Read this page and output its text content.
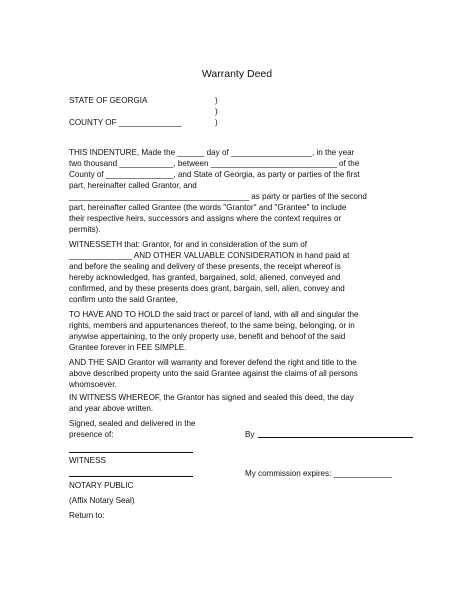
Warranty Deed
STATE OF GEORGIA	)
)
COUNTY OF ______________	)
THIS INDENTURE, Made the ______ day of __________________, in the year
two thousand ____________, between ____________________________ of the
County of _______________, and State of Georgia, as party or parties of the first
part, hereinafter called Grantor, and
________________________________________ as party or parties of the second
part, hereinafter called Grantee (the words "Grantor" and "Grantee" to include
their respective heirs, successors and assigns where the context requires or
permits).
WITNESSETH that: Grantor, for and in consideration of the sum of
______________ AND OTHER VALUABLE CONSIDERATION in hand paid at
and before the sealing and delivery of these presents, the receipt whereof is
hereby acknowledged, has granted, bargained, sold, aliened, conveyed and
confirmed, and by these presents does grant, bargain, sell, alien, convey and
confirm unto the said Grantee,
TO HAVE AND TO HOLD the said tract or parcel of land, with all and singular the
rights, members and appurtenances thereof, to the same being, belonging, or in
anywise appertaining, to the only property use, benefit and behoof of the said
Grantee forever in FEE SIMPLE.
AND THE SAID Grantor will warranty and forever defend the right and title to the
above described property unto the said Grantee against the claims of all persons
whomsoever.
IN WITNESS WHEREOF, the Grantor has signed and sealed this deed, the day
and year above written.
Signed, sealed and delivered in the
presence of:	By
WITNESS
My commission expires: _____________
NOTARY PUBLIC
(Affix Notary Seal)
Return to:
